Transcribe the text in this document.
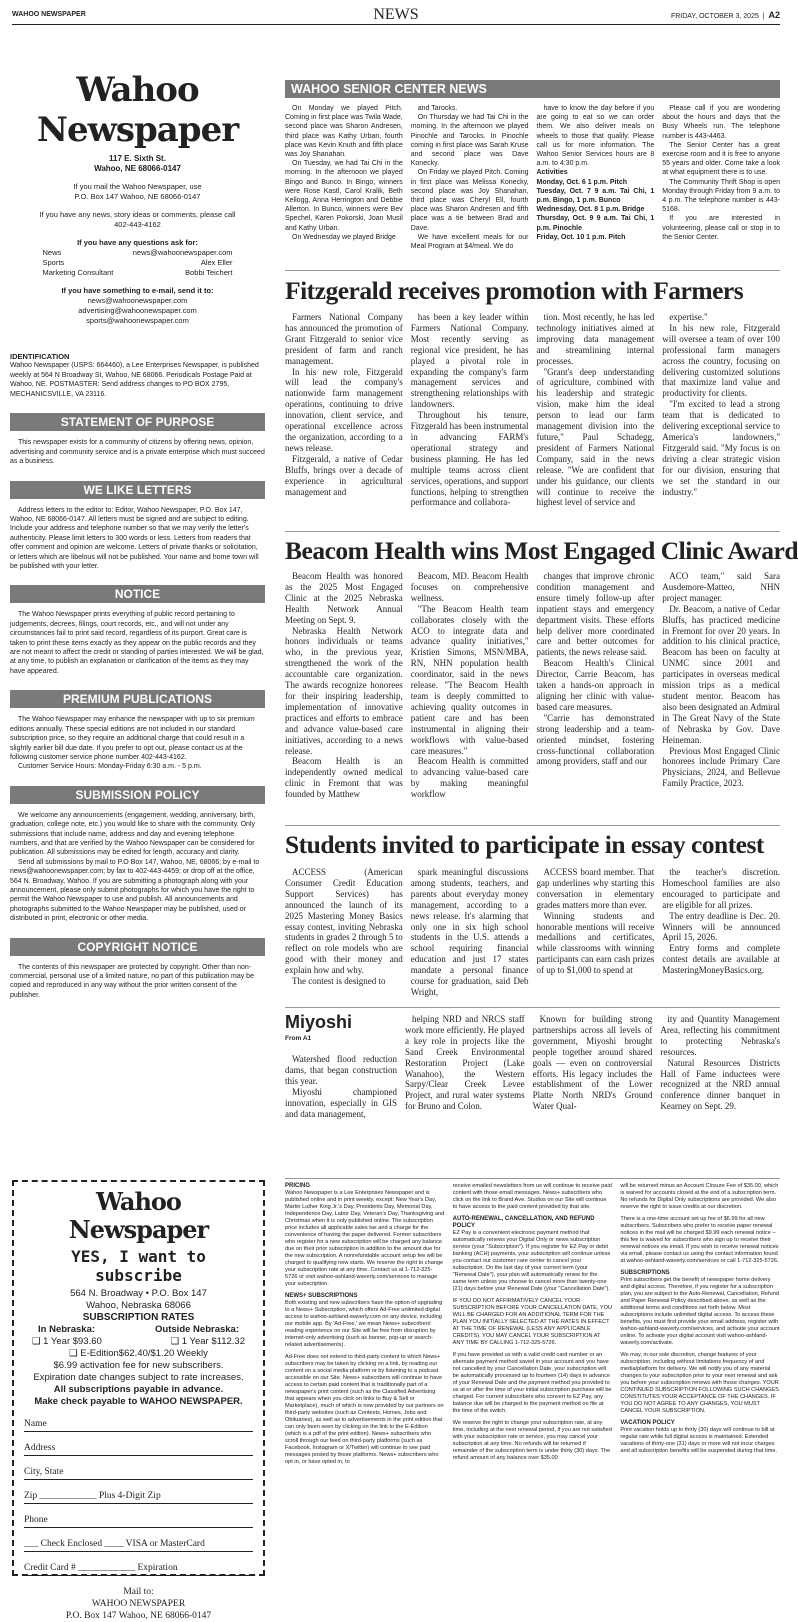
WAHOO NEWSPAPER	NEWS	FRIDAY, OCTOBER 3, 2025  |  A2
Wahoo Newspaper
117 E. Sixth St.
Wahoo, NE 68066-0147
If you mail the Wahoo Newspaper, use
P.O. Box 147 Wahoo, NE 68066-0147
If you have any news, story ideas or comments, please call
402-443-4162
If you have any questions ask for:
News	news@wahoonewspaper.com
Sports	Alex Eller
Marketing Consultant	Bobbi Teichert
If you have something to e-mail, send it to:
news@wahoonewspaper.com
advertising@wahoonewspaper.com
sports@wahoonewspaper.com
IDENTIFICATION
Wahoo Newspaper (USPS: 664460), a Lee Enterprises Newspaper, is published weekly at 564 N Broadway St, Wahoo, NE 68066. Periodicals Postage Paid at Wahoo, NE. POSTMASTER: Send address changes to PO BOX 2795, MECHANICSVILLE, VA 23116.
STATEMENT OF PURPOSE
This newspaper exists for a community of citizens by offering news, opinion, advertising and community service and is a private enterprise which must succeed as a business.
WE LIKE LETTERS
Address letters to the editor to: Editor, Wahoo Newspaper, P.O. Box 147, Wahoo, NE 68066-0147. All letters must be signed and are subject to editing. Include your address and telephone number so that we may verify the letter's authenticity. Please limit letters to 300 words or less. Letters from readers that offer comment and opinion are welcome. Letters of private thanks or solicitation, or letters which are libelous will not be published. Your name and home town will be published with your letter.
NOTICE
The Wahoo Newspaper prints everything of public record pertaining to judgements, decrees, filings, court records, etc., and will not under any circumstances fail to print said record, regardless of its purport. Great care is taken to print these items exactly as they appear on the public records and they are not meant to affect the credit or standing of parties interested. We will be glad, at any time, to publish an explanation or clarification of the items as they may have appeared.
PREMIUM PUBLICATIONS
The Wahoo Newspaper may enhance the newspaper with up to six premium editions annually. These special editions are not included in our standard subscription price, so they require an additional charge that could result in a slightly earlier bill due date. If you prefer to opt out, please contact us at the following customer service phone number 402-443-4162.
Customer Service Hours: Monday-Friday 6:30 a.m. - 5 p.m.
SUBMISSION POLICY
We welcome any announcements (engagement, wedding, anniversary, birth, graduation, college note, etc.) you would like to share with the community. Only submissions that include name, address and day and evening telephone numbers, and that are verified by the Wahoo Newspaper can be considered for publication. All submissions may be edited for length, accuracy and clarity.
Send all submissions by mail to P.O Box 147, Wahoo, NE, 68066; by e-mail to news@wahoonewspaper.com; by fax to 402-443-4459; or drop off at the office, 564 N. Broadway, Wahoo. If you are submitting a photograph along with your announcement, please only submit photographs for which you have the right to permit the Wahoo Newspaper to use and publish. All announcements and photographs submitted to the Wahoo Newspaper may be published, used or distributed in print, electronic or other media.
COPYRIGHT NOTICE
The contents of this newspaper are protected by copyright. Other than non-commercial, personal use of a limited nature, no part of this publication may be copied and reproduced in any way without the prior written consent of the publisher.
Wahoo Newspaper
YES, I want to subscribe
564 N. Broadway • P.O. Box 147
Wahoo, Nebraska 68066
SUBSCRIPTION RATES
In Nebraska:	Outside Nebraska:
❑ 1 Year $93.60	❑ 1 Year $112.32
❑ E-Edition$62.40/$1.20 Weekly
$6.99 activation fee for new subscribers.
Expiration date changes subject to rate increases.
All subscriptions payable in advance.
Make check payable to WAHOO NEWSPAPER.
Name
Address
City, State
Zip ____________ Plus 4-Digit Zip
Phone
___ Check Enclosed ____ VISA or MasterCard
Credit Card # ____________ Expiration
Mail to:
WAHOO NEWSPAPER
P.O. Box 147 Wahoo, NE 68066-0147
WAHOO SENIOR CENTER NEWS

On Monday we played Pitch. Coming in first place was Twila Wade, second place was Sharon Andresen, third place was Kathy Urban, fourth place was Kevin Knuth and fifth place was Joy Shanahan.

On Tuesday, we had Tai Chi in the morning. In the afternoon we played Bingo and Bunco. In Bingo, winners were Rose Kastl, Carol Kralik, Beth Kellogg, Anna Herrington and Debbie Allerton. In Bunco, winners were Bev Spechel, Karen Pokorski, Joan Musil and Kathy Urban.

On Wednesday we played Bridge

and Tarocks.

On Thursday we had Tai Chi in the morning. In the afternoon we played Pinochle and Tarocks. In Pinochle coming in first place was Sarah Kruse and second place was Dave Konecky.

On Friday we played Pitch. Coming in first place was Melissa Konecky, second place was Joy Shanahan, third place was Cheryl Ell, fourth place was Sharon Andresen and fifth place was a tie between Brad and Dave.

We have excellent meals for our Meal Program at $4/meal. We do

have to know the day before if you are going to eat so we can order them. We also deliver meals on wheels to those that qualify. Please call us for more information. The Wahoo Senior Services hours are 8 a.m. to 4:30 p.m.

Activities

Monday, Oct. 6 1 p.m. Pitch

Tuesday, Oct. 7 9 a.m. Tai Chi, 1 p.m. Bingo, 1 p.m. Bunco

Wednesday, Oct. 8 1 p.m. Bridge

Thursday, Oct. 9 9 a.m. Tai Chi, 1 p.m. Pinochle

Friday, Oct. 10 1 p.m. Pitch

Please call if you are wondering about the hours and days that the Busy Wheels run. The telephone number is 443-4463.

The Senior Center has a great exercise room and it is free to anyone 55 years and older. Come take a look at what equipment there is to use.

The Community Thrift Shop is open Monday through Friday from 9 a.m. to 4 p.m. The telephone number is 443-5168.

If you are interested in volunteering, please call or stop in to the Senior Center.

Fitzgerald receives promotion with Farmers

Farmers National Company has announced the promotion of Grant Fitzgerald to senior vice president of farm and ranch management.

In his new role, Fitzgerald will lead the company's nationwide farm management operations, continuing to drive innovation, client service, and operational excellence across the organization, according to a news release.

Fitzgerald, a native of Cedar Bluffs, brings over a decade of experience in agricultural management and

has been a key leader within Farmers National Company. Most recently serving as regional vice president, he has played a pivotal role in expanding the company's farm management services and strengthening relationships with landowners.

Throughout his tenure, Fitzgerald has been instrumental in advancing FARM's operational strategy and business planning. He has led multiple teams across client services, operations, and support functions, helping to strengthen performance and collabora-

tion. Most recently, he has led technology initiatives aimed at improving data management and streamlining internal processes.

"Grant's deep understanding of agriculture, combined with his leadership and strategic vision, make him the ideal person to lead our farm management division into the future," Paul Schadegg, president of Farmers National Company, said in the news release. "We are confident that under his guidance, our clients will continue to receive the highest level of service and

expertise."

In his new role, Fitzgerald will oversee a team of over 100 professional farm managers across the country, focusing on delivering customized solutions that maximize land value and productivity for clients.

"I'm excited to lead a strong team that is dedicated to delivering exceptional service to America's landowners," Fitzgerald said. "My focus is on driving a clear strategic vision for our division, ensuring that we set the standard in our industry."

Beacom Health wins Most Engaged Clinic Award

Beacom Health was honored as the 2025 Most Engaged Clinic at the 2025 Nebraska Health Network Annual Meeting on Sept. 9.

Nebraska Health Network honors individuals or teams who, in the previous year, strengthened the work of the accountable care organization. The awards recognize honorees for their inspiring leadership, implementation of innovative practices and efforts to embrace and advance value-based care initiatives, according to a news release.

Beacom Health is an independently owned medical clinic in Fremont that was founded by Matthew

Beacom, MD. Beacom Health focuses on comprehensive wellness.

"The Beacom Health team collaborates closely with the ACO to integrate data and advance quality initiatives," Kristien Simons, MSN/MBA, RN, NHN population health coordinator, said in the news release. "The Beacom Health team is deeply committed to achieving quality outcomes in patient care and has been instrumental in aligning their workflows with value-based care measures."

Beacom Health is committed to advancing value-based care by making meaningful workflow

changes that improve chronic condition management and ensure timely follow-up after inpatient stays and emergency department visits. These efforts help deliver more coordinated care and better outcomes for patients, the news release said.

Beacom Health's Clinical Director, Carrie Beacom, has taken a hands-on approach in aligning her clinic with value-based care measures.

"Carrie has demonstrated strong leadership and a team-oriented mindset, fostering cross-functional collaboration among providers, staff and our

ACO team," said Sara Ausdemore-Matteo, NHN project manager.

Dr. Beacom, a native of Cedar Bluffs, has practiced medicine in Fremont for over 20 years. In addition to his clinical practice, Beacom has been on faculty at UNMC since 2001 and participates in overseas medical mission trips as a medical student mentor. Beacom has also been designated an Admiral in The Great Navy of the State of Nebraska by Gov. Dave Heineman.

Previous Most Engaged Clinic honorees include Primary Care Physicians, 2024, and Bellevue Family Practice, 2023.

Students invited to participate in essay contest

ACCESS (American Consumer Credit Education Support Services) has announced the launch of its 2025 Mastering Money Basics essay contest, inviting Nebraska students in grades 2 through 5 to reflect on role models who are good with their money and explain how and why.

The contest is designed to

spark meaningful discussions among students, teachers, and parents about everyday money management, according to a news release. It's alarming that only one in six high school students in the U.S. attends a school requiring financial education and just 17 states mandate a personal finance course for graduation, said Deb Wright,

ACCESS board member. That gap underlines why starting this conversation in elementary grades matters more than ever.

Winning students and honorable mentions will receive medallions and certificates, while classrooms with winning participants can earn cash prizes of up to $1,000 to spend at

the teacher's discretion. Homeschool families are also encouraged to participate and are eligible for all prizes.

The entry deadline is Dec. 20. Winners will be announced April 15, 2026.

Entry forms and complete contest details are available at MasteringMoneyBasics.org.

Miyoshi
From A1

Watershed flood reduction dams, that began construction this year.

Miyoshi championed innovation, especially in GIS and data management,

helping NRD and NRCS staff work more efficiently. He played a key role in projects like the Sand Creek Environmental Restoration Project (Lake Wanahoo), the Western Sarpy/Clear Creek Levee Project, and rural water systems for Bruno and Colon.

Known for building strong partnerships across all levels of government, Miyoshi brought people together around shared goals — even on controversial efforts. His legacy includes the establishment of the Lower Platte North NRD's Ground Water Qual-

ity and Quantity Management Area, reflecting his commitment to protecting Nebraska's resources.

Natural Resources Districts Hall of Fame inductees were recognized at the NRD annual conference dinner banquet in Kearney on Sept. 29.

PRICING

Wahoo Newspaper is a Lee Enterprises Newspaper and is published online and in print weekly, except: New Year's Day, Martin Luther King Jr.'s Day, Presidents Day, Memorial Day, Independence Day, Labor Day, Veteran's Day, Thanksgiving and Christmas when it is only published online. The subscription price includes all applicable sales tax and a charge for the convenience of having the paper delivered. Former subscribers who register for a new subscription will be charged any balance due on their prior subscription in addition to the amount due for the new subscription. A nonrefundable account setup fee will be charged to qualifying new starts. We reserve the right to change your subscription rate at any time. Contact us at 1-712-325-5726 or visit wahoo-ashland-waverly.com/services to manage your subscription.
NEWS+ SUBSCRIPTIONS

Both existing and new subscribers have the option of upgrading to a News+ Subscription, which offers Ad-Free unlimited digital access to wahoo-ashland-waverly.com on any device, including our mobile app. By 'Ad-Free,' we mean News+ subscribers' reading experience on our Site will be free from disruption by internet-only advertising (such as banner, pop-up or search-related advertisements).
Ad-Free does not extend to third-party content to which News+ subscribers may be taken by clicking on a link, by reading our content on a social media platform or by listening to a podcast accessible on our Site. News+ subscribers will continue to have access to certain paid content that is traditionally part of a newspaper's print content (such as the Classified Advertising that appears when you click on links to Buy & Sell or Marketplace), much of which is now provided by our partners on third-party websites (such as Contests, Homes, Jobs and Obituaries), as well as to advertisements in the print edition that can only been seen by clicking on the link to the E-Edition (which is a pdf of the print edition). News+ subscribers who scroll through our feed on third-party platforms (such as Facebook, Instagram or X/Twitter) will continue to see paid messages posted by those platforms. News+ subscribers who opt in, or have opted in, to
receive emailed newsletters from us will continue to receive paid content with those email messages. News+ subscribers who click on the link to Brand Ave. Studios on our Site will continue to have access to the paid content provided by that site.
AUTO-RENEWAL, CANCELLATION, AND REFUND POLICY

EZ Pay is a convenient electronic payment method that automatically renews your Digital Only or news subscription service (your "Subscription"). If you register for EZ Pay or debit banking (ACH) payments, your subscription will continue unless you contact our customer care center to cancel your subscription. On the last day of your current term (your "Renewal Date"), your plan will automatically renew for the same term unless you choose to cancel more than twenty-one (21) days before your Renewal Date (your "Cancellation Date").
IF YOU DO NOT AFFIRMATIVELY CANCEL YOUR SUBSCRIPTION BEFORE YOUR CANCELLATION DATE, YOU WILL BE CHARGED FOR AN ADDITIONAL TERM FOR THE PLAN YOU INITIALLY SELECTED AT THE RATES IN EFFECT AT THE TIME OF RENEWAL (LESS ANY APPLICABLE CREDITS). YOU MAY CANCEL YOUR SUBSCRIPTION AT ANY TIME BY CALLING 1-712-325-5726.
If you have provided us with a valid credit card number or an alternate payment method saved in your account and you have not cancelled by your Cancellation Date, your subscription will be automatically processed up to fourteen (14) days in advance of your Renewal Date and the payment method you provided to us at or after the time of your initial subscription purchase will be charged. For current subscribers who convert to EZ Pay, any balance due will be charged to the payment method on file at the time of the switch.
We reserve the right to change your subscription rate, at any time, including at the next renewal period, if you are not satisfied with your subscription rate or service, you may cancel your subscription at any time. No refunds will be returned if remainder of the subscription term is under thirty (30) days. The refund amount of any balance over $35.00
will be returned minus an Account Closure Fee of $35.00, which is waived for accounts closed at the end of a subscription term. No refunds for Digital Only subscriptions are provided. We also reserve the right to issue credits at our discretion.
There is a one-time account set up fee of $6.99 for all new subscribers. Subscribers who prefer to receive paper renewal notices in the mail will be charged $9.99 each renewal notice – this fee is waived for subscribers who sign up to receive their renewal notices via email. If you wish to receive renewal notices via email, please contact us using the contact information found at wahoo-ashland-waverly.com/services or call 1-712-325-5726.
SUBSCRIPTIONS

Print subscribers get the benefit of newspaper home delivery and digital access. Therefore, if you register for a subscription plan, you are subject to the Auto-Renewal, Cancellation, Refund and Paper Renewal Policy described above, as well as the additional terms and conditions set forth below. Most subscriptions include unlimited digital access. To access these benefits, you must first provide your email address, register with wahoo-ashland-waverly.com/services, and activate your account online. To activate your digital account visit wahoo-ashland-waverly.com/activate.
We may, in our sole discretion, change features of your subscription, including without limitations frequency of and media/platform for delivery. We will notify you of any material changes to your subscription prior to your next renewal and ask you before your subscription renews with those changes. YOUR CONTINUED SUBSCRIPTION FOLLOWING SUCH CHANGES CONSTITUTES YOUR ACCEPTANCE OF THE CHANGES. IF YOU DO NOT AGREE TO ANY CHANGES, YOU MUST CANCEL YOUR SUBSCRIPTION.
VACATION POLICY

Print vacation holds up to thirty (30) days will continue to bill at regular rate while full digital access is maintained. Extended vacations of thirty-one (31) days or more will not incur charges and all subscription benefits will be suspended during that time.
